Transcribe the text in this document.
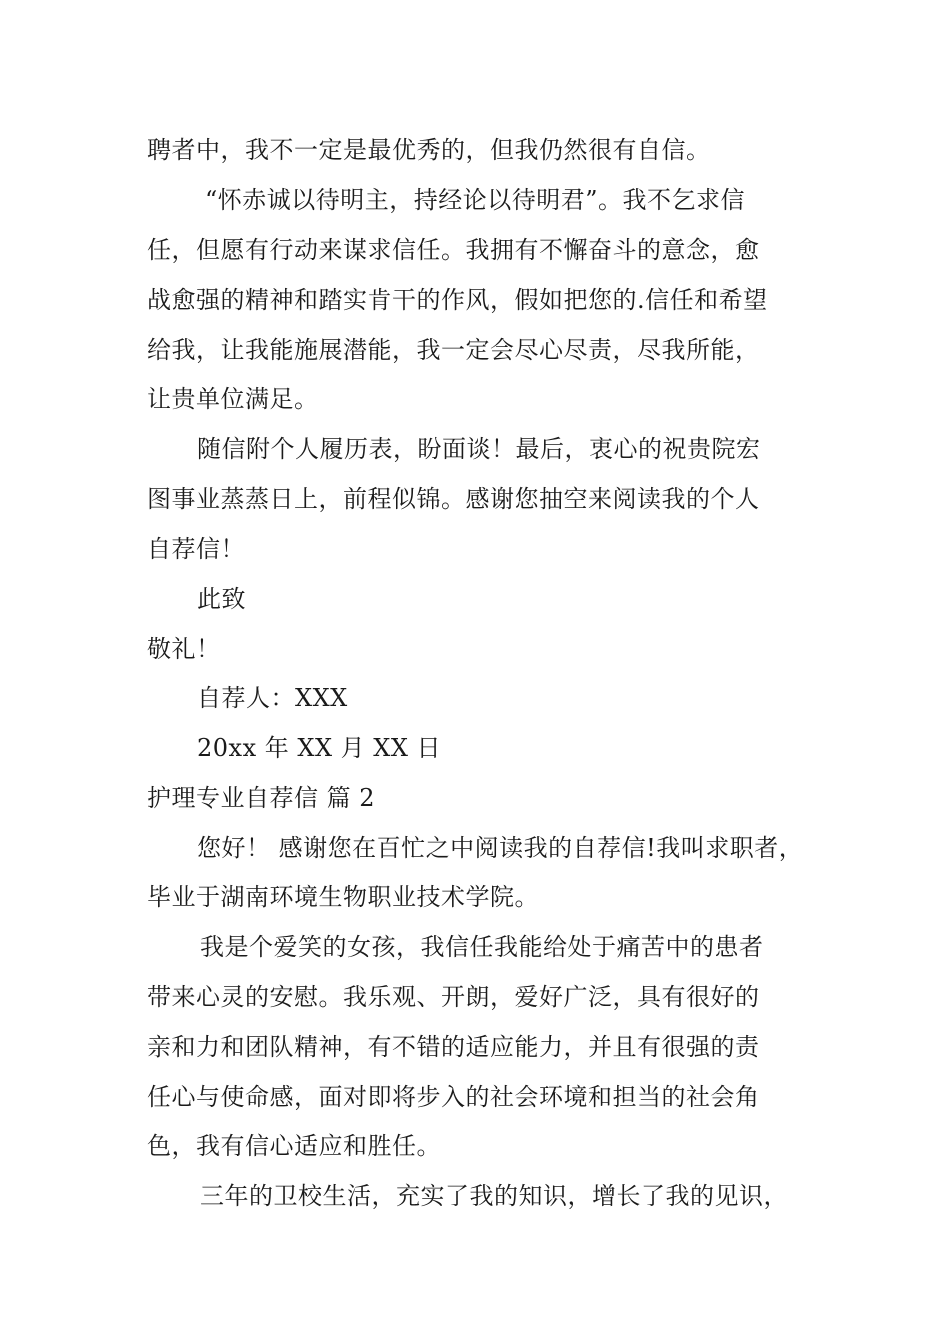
聘者中，我不一定是最优秀的，但我仍然很有自信。

“怀赤诚以待明主，持经论以待明君”。我不乞求信

任，但愿有行动来谋求信任。我拥有不懈奋斗的意念，愈

战愈强的精神和踏实肯干的作风，假如把您的.信任和希望

给我，让我能施展潜能，我一定会尽心尽责，尽我所能，

让贵单位满足。

随信附个人履历表，盼面谈！最后，衷心的祝贵院宏

图事业蒸蒸日上，前程似锦。感谢您抽空来阅读我的个人

自荐信！

此致

敬礼！

自荐人：XXX

20xx 年 XX 月 XX 日

护理专业自荐信 篇 2

您好！ 感谢您在百忙之中阅读我的自荐信!我叫求职者，

毕业于湖南环境生物职业技术学院。

我是个爱笑的女孩，我信任我能给处于痛苦中的患者

带来心灵的安慰。我乐观、开朗，爱好广泛，具有很好的

亲和力和团队精神，有不错的适应能力，并且有很强的责

任心与使命感，面对即将步入的社会环境和担当的社会角

色，我有信心适应和胜任。

三年的卫校生活，充实了我的知识，增长了我的见识，
